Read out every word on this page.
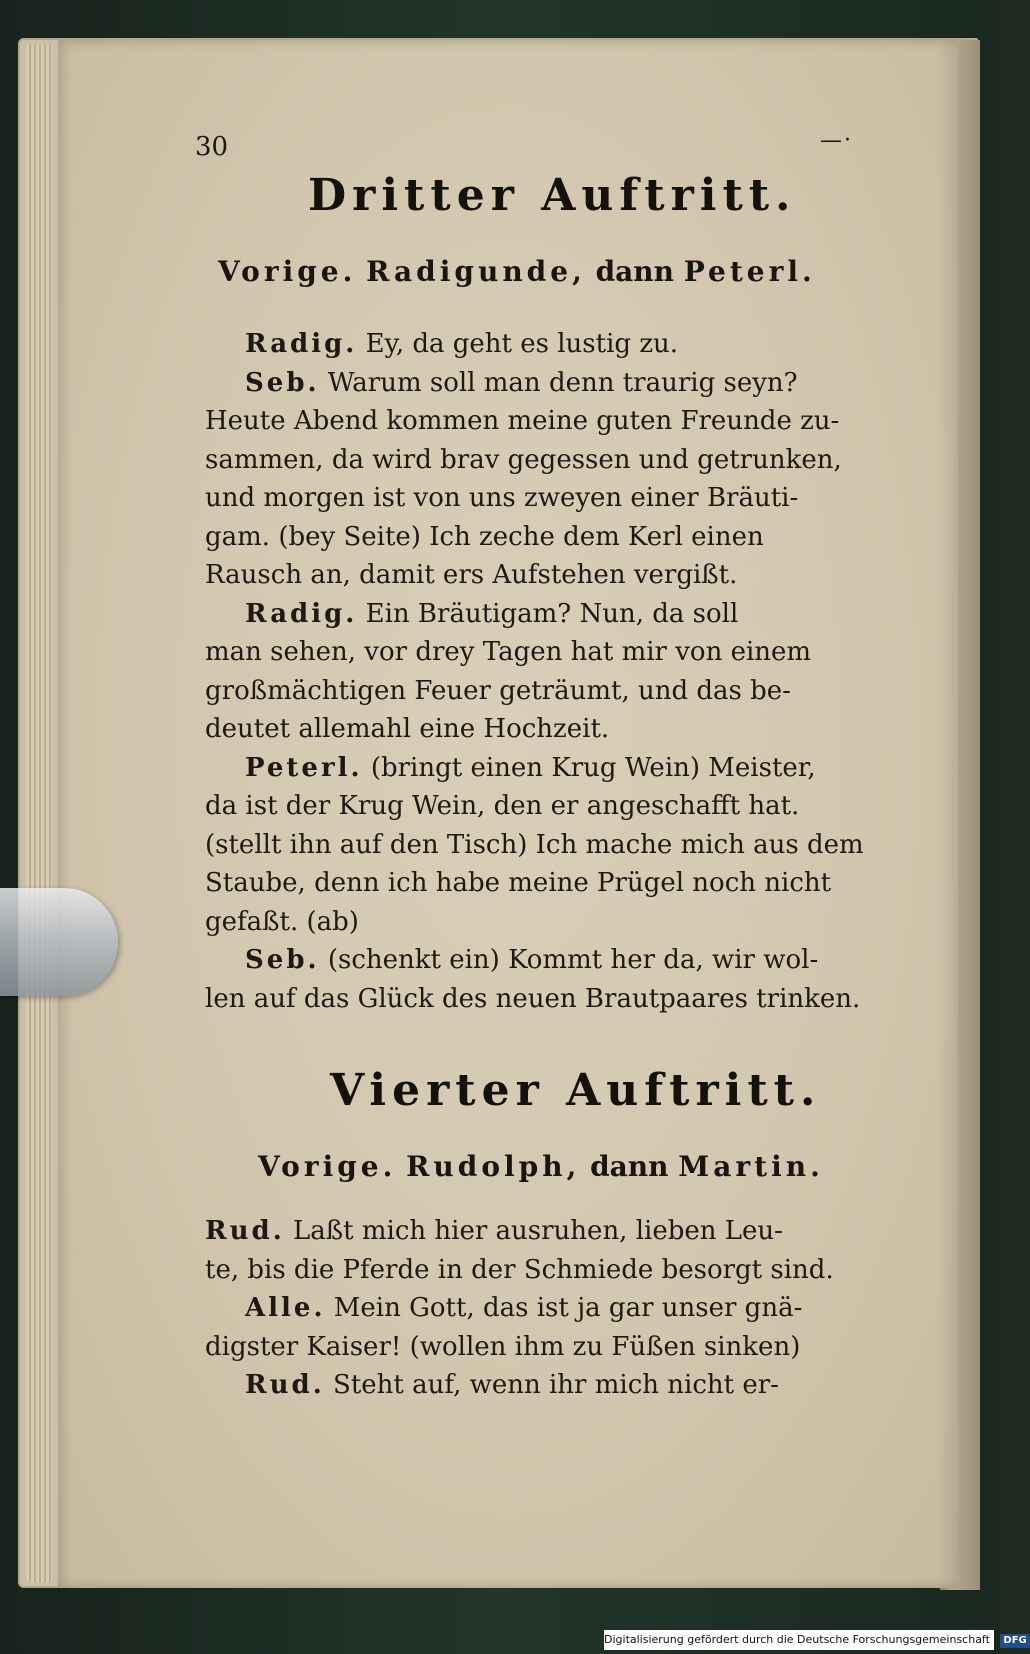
30	—·
Dritter Auftritt.
Vorige. Radigunde, dann Peterl.
Radig. Ey, da geht es lustig zu.
Seb. Warum soll man denn traurig seyn?
Heute Abend kommen meine guten Freunde zu-
sammen, da wird brav gegessen und getrunken,
und morgen ist von uns zweyen einer Bräuti-
gam. (bey Seite) Ich zeche dem Kerl einen
Rausch an, damit ers Aufstehen vergißt.
Radig. Ein Bräutigam? Nun, da soll
man sehen, vor drey Tagen hat mir von einem
großmächtigen Feuer geträumt, und das be-
deutet allemahl eine Hochzeit.
Peterl. (bringt einen Krug Wein) Meister,
da ist der Krug Wein, den er angeschafft hat.
(stellt ihn auf den Tisch) Ich mache mich aus dem
Staube, denn ich habe meine Prügel noch nicht
gefaßt. (ab)
Seb. (schenkt ein) Kommt her da, wir wol-
len auf das Glück des neuen Brautpaares trinken.
Vierter Auftritt.
Vorige. Rudolph, dann Martin.
Rud. Laßt mich hier ausruhen, lieben Leu-
te, bis die Pferde in der Schmiede besorgt sind.
Alle. Mein Gott, das ist ja gar unser gnä-
digster Kaiser! (wollen ihm zu Füßen sinken)
Rud. Steht auf, wenn ihr mich nicht er-
Digitalisierung gefördert durch die Deutsche Forschungsgemeinschaft - DFG
